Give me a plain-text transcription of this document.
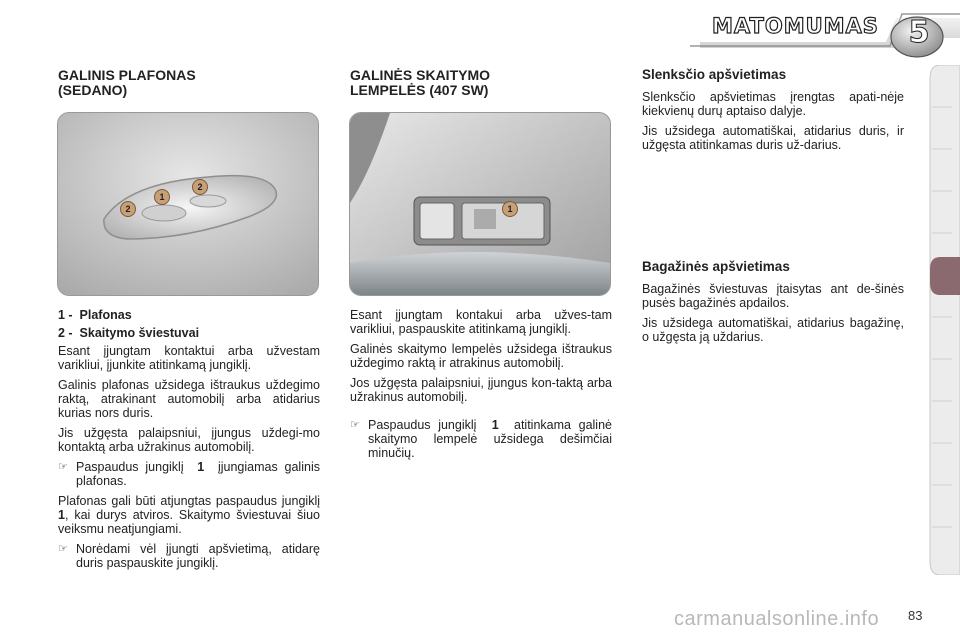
MATOMUMAS 5
GALINIS PLAFONAS (SEDANO)
2
1
2
1 - Plafonas
2 - Skaitymo šviestuvai

Esant įjungtam kontaktui arba užvestam varikliui, įjunkite atitinkamą jungiklį.

Galinis plafonas užsidega ištraukus uždegimo raktą, atrakinant automobilį arba atidarius kurias nors duris.

Jis užgęsta palaipsniui, įjungus uždegi-mo kontaktą arba užrakinus automobilį.

☞ Paspaudus jungiklį 1 įjungiamas galinis plafonas.

Plafonas gali būti atjungtas paspaudus jungiklį 1, kai durys atviros. Skaitymo šviestuvai šiuo veiksmu neatjungiami.

☞ Norėdami vėl įjungti apšvietimą, atidarę duris paspauskite jungiklį.
GALINĖS SKAITYMO LEMPELĖS (407 SW)
1

Esant įjungtam kontakui arba užves-tam varikliui, paspauskite atitinkamą jungiklį.

Galinės skaitymo lempelės užsidega ištraukus uždegimo raktą ir atrakinus automobilį.

Jos užgęsta palaipsniui, įjungus kon-taktą arba užrakinus automobilį.

☞ Paspaudus jungiklį 1 atitinkama galinė skaitymo lempelė užsidega dešimčiai minučių.
Slenksčio apšvietimas

Slenksčio apšvietimas įrengtas apati-nėje kiekvienų durų aptaiso dalyje.

Jis užsidega automatiškai, atidarius duris, ir užgęsta atitinkamas duris už-darius.

Bagažinės apšvietimas

Bagažinės šviestuvas įtaisytas ant de-šinės pusės bagažinės apdailos.

Jis užsidega automatiškai, atidarius bagažinę, o užgęsta ją uždarius.

carmanualsonline.info 83
